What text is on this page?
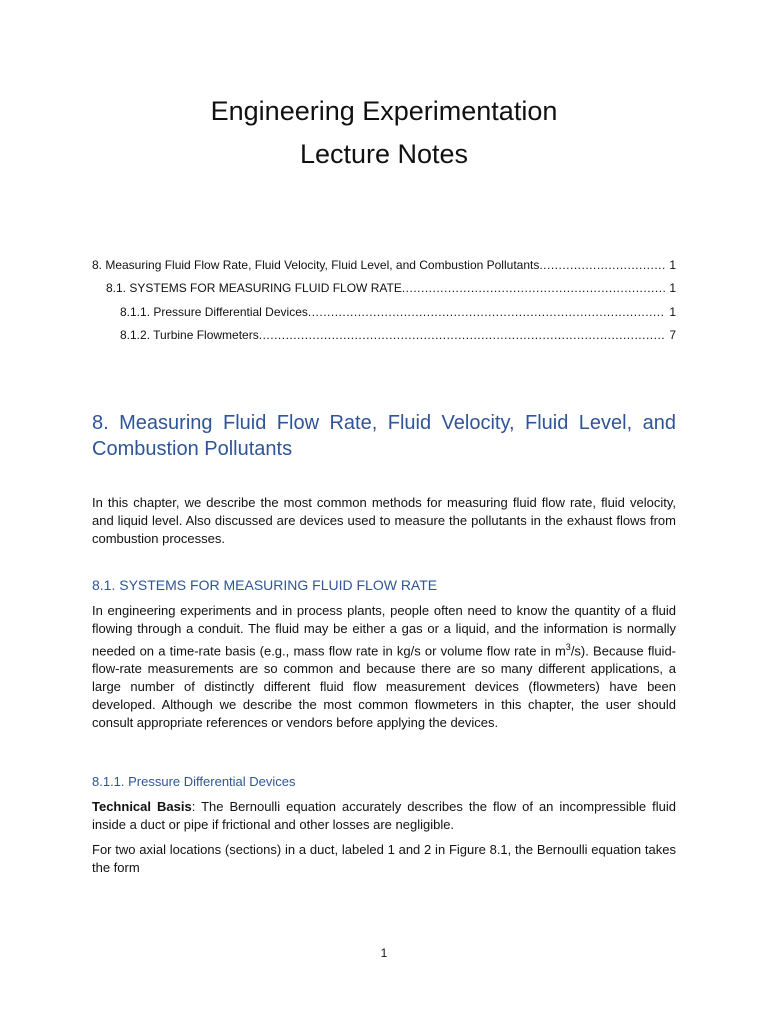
Engineering Experimentation
Lecture Notes
8. Measuring Fluid Flow Rate, Fluid Velocity, Fluid Level, and Combustion Pollutants .....	1
8.1. SYSTEMS FOR MEASURING FLUID FLOW RATE .....	1
8.1.1. Pressure Differential Devices .....	1
8.1.2. Turbine Flowmeters .....	7
8. Measuring Fluid Flow Rate, Fluid Velocity, Fluid Level, and Combustion Pollutants
In this chapter, we describe the most common methods for measuring fluid flow rate, fluid velocity, and liquid level. Also discussed are devices used to measure the pollutants in the exhaust flows from combustion processes.
8.1. SYSTEMS FOR MEASURING FLUID FLOW RATE
In engineering experiments and in process plants, people often need to know the quantity of a fluid flowing through a conduit. The fluid may be either a gas or a liquid, and the information is normally needed on a time-rate basis (e.g., mass flow rate in kg/s or volume flow rate in $m^3/s$). Because fluid-flow-rate measurements are so common and because there are so many different applications, a large number of distinctly different fluid flow measurement devices (flowmeters) have been developed. Although we describe the most common flowmeters in this chapter, the user should consult appropriate references or vendors before applying the devices.
8.1.1. Pressure Differential Devices
Technical Basis: The Bernoulli equation accurately describes the flow of an incompressible fluid inside a duct or pipe if frictional and other losses are negligible.
For two axial locations (sections) in a duct, labeled 1 and 2 in Figure 8.1, the Bernoulli equation takes the form
1
